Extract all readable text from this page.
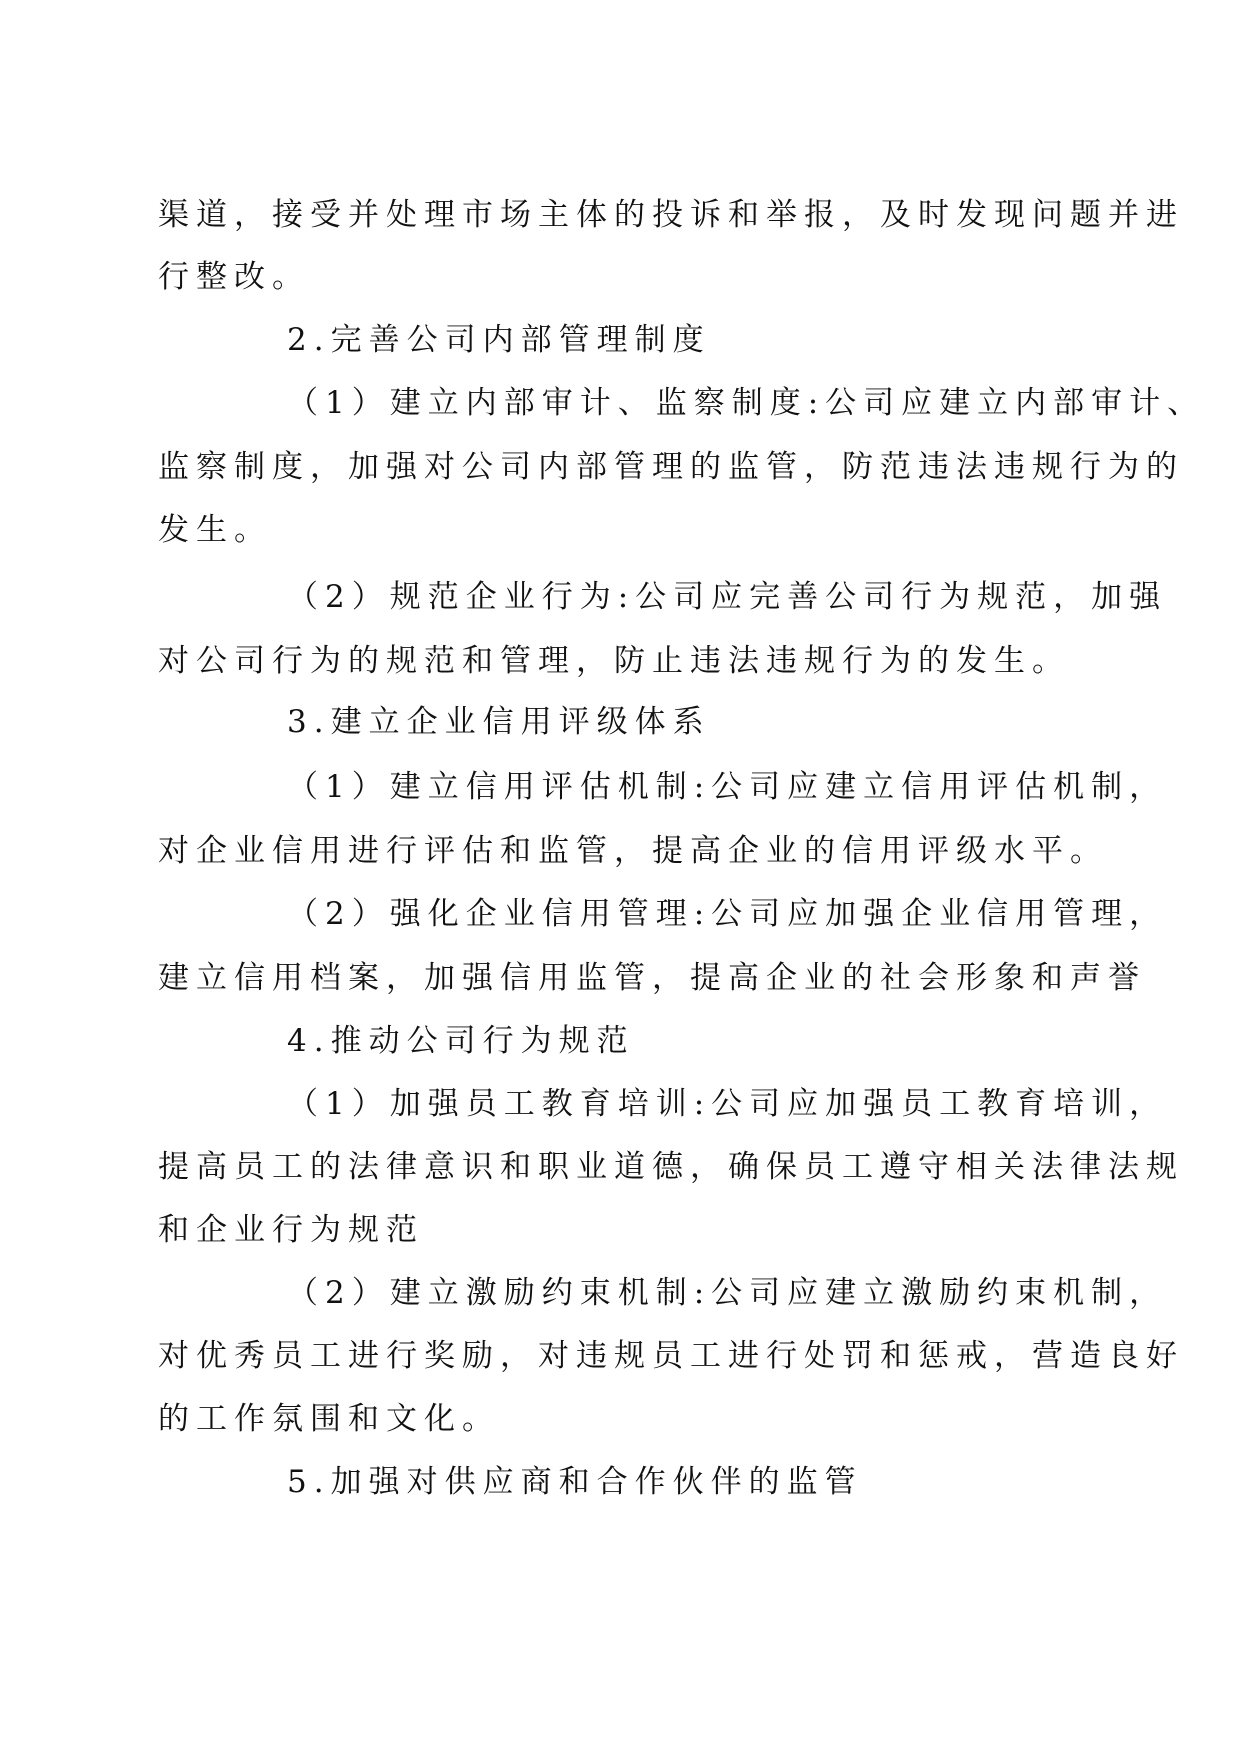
渠道，接受并处理市场主体的投诉和举报，及时发现问题并进
行整改。
2.完善公司内部管理制度
（1）建立内部审计、监察制度:公司应建立内部审计、
监察制度，加强对公司内部管理的监管，防范违法违规行为的
发生。
（2）规范企业行为:公司应完善公司行为规范，加强
对公司行为的规范和管理，防止违法违规行为的发生。
3.建立企业信用评级体系
（1）建立信用评估机制:公司应建立信用评估机制，
对企业信用进行评估和监管，提高企业的信用评级水平。
（2）强化企业信用管理:公司应加强企业信用管理，
建立信用档案，加强信用监管，提高企业的社会形象和声誉
4.推动公司行为规范
（1）加强员工教育培训:公司应加强员工教育培训，
提高员工的法律意识和职业道德，确保员工遵守相关法律法规
和企业行为规范
（2）建立激励约束机制:公司应建立激励约束机制，
对优秀员工进行奖励，对违规员工进行处罚和惩戒，营造良好
的工作氛围和文化。
5.加强对供应商和合作伙伴的监管
